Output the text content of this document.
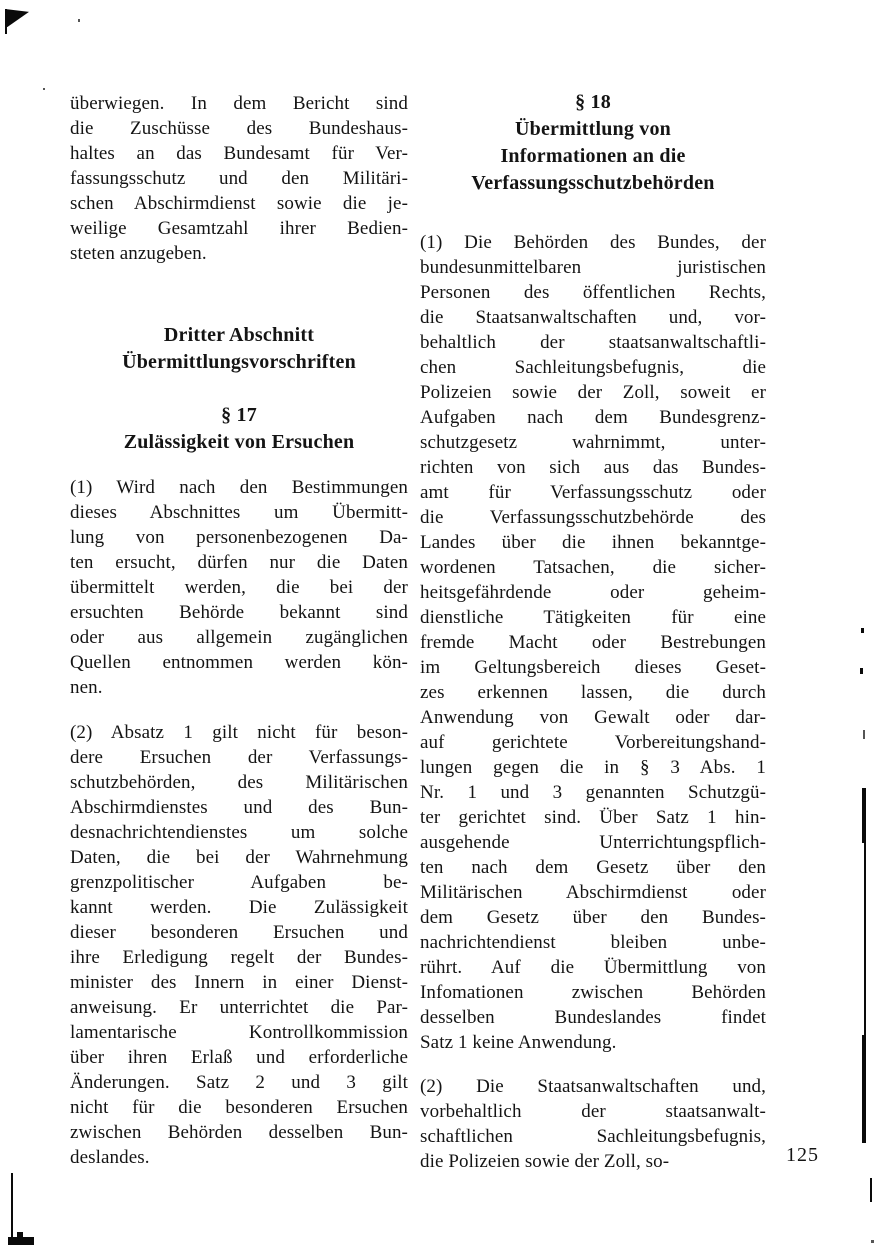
überwiegen. In dem Bericht sind
die Zuschüsse des Bundeshaus-
haltes an das Bundesamt für Ver-
fassungsschutz und den Militäri-
schen Abschirmdienst sowie die je-
weilige Gesamtzahl ihrer Bedien-
steten anzugeben.
Dritter Abschnitt
Übermittlungsvorschriften
§ 17
Zulässigkeit von Ersuchen
(1) Wird nach den Bestimmungen
dieses Abschnittes um Übermitt-
lung von personenbezogenen Da-
ten ersucht, dürfen nur die Daten
übermittelt werden, die bei der
ersuchten Behörde bekannt sind
oder aus allgemein zugänglichen
Quellen entnommen werden kön-
nen.
(2) Absatz 1 gilt nicht für beson-
dere Ersuchen der Verfassungs-
schutzbehörden, des Militärischen
Abschirmdienstes und des Bun-
desnachrichtendienstes um solche
Daten, die bei der Wahrnehmung
grenzpolitischer Aufgaben be-
kannt werden. Die Zulässigkeit
dieser besonderen Ersuchen und
ihre Erledigung regelt der Bundes-
minister des Innern in einer Dienst-
anweisung. Er unterrichtet die Par-
lamentarische Kontrollkommission
über ihren Erlaß und erforderliche
Änderungen. Satz 2 und 3 gilt
nicht für die besonderen Ersuchen
zwischen Behörden desselben Bun-
deslandes.
§ 18
Übermittlung von
Informationen an die
Verfassungsschutzbehörden
(1) Die Behörden des Bundes, der
bundesunmittelbaren juristischen
Personen des öffentlichen Rechts,
die Staatsanwaltschaften und, vor-
behaltlich der staatsanwaltschaftli-
chen Sachleitungsbefugnis, die
Polizeien sowie der Zoll, soweit er
Aufgaben nach dem Bundesgrenz-
schutzgesetz wahrnimmt, unter-
richten von sich aus das Bundes-
amt für Verfassungsschutz oder
die Verfassungsschutzbehörde des
Landes über die ihnen bekanntge-
wordenen Tatsachen, die sicher-
heitsgefährdende oder geheim-
dienstliche Tätigkeiten für eine
fremde Macht oder Bestrebungen
im Geltungsbereich dieses Geset-
zes erkennen lassen, die durch
Anwendung von Gewalt oder dar-
auf gerichtete Vorbereitungshand-
lungen gegen die in § 3 Abs. 1
Nr. 1 und 3 genannten Schutzgü-
ter gerichtet sind. Über Satz 1 hin-
ausgehende Unterrichtungspflich-
ten nach dem Gesetz über den
Militärischen Abschirmdienst oder
dem Gesetz über den Bundes-
nachrichtendienst bleiben unbe-
rührt. Auf die Übermittlung von
Infomationen zwischen Behörden
desselben Bundeslandes findet
Satz 1 keine Anwendung.
(2) Die Staatsanwaltschaften und,
vorbehaltlich der staatsanwalt-
schaftlichen Sachleitungsbefugnis,
die Polizeien sowie der Zoll, so-	125
